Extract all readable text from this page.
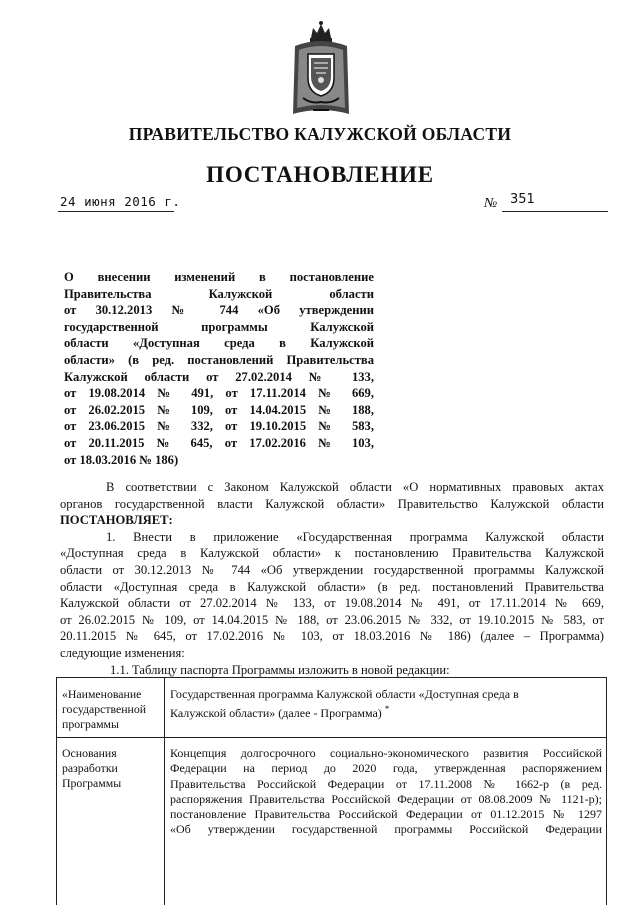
ПРАВИТЕЛЬСТВО КАЛУЖСКОЙ ОБЛАСТИ
ПОСТАНОВЛЕНИЕ
24 июня 2016 г.	№ 351
О внесении изменений в постановление
Правительства Калужской области
от 30.12.2013 № 744 «Об утверждении
государственной программы Калужской
области «Доступная среда в Калужской
области» (в ред. постановлений Правительства
Калужской области от 27.02.2014 № 133,
от 19.08.2014 № 491, от 17.11.2014 № 669,
от 26.02.2015 № 109, от 14.04.2015 № 188,
от 23.06.2015 № 332, от 19.10.2015 № 583,
от 20.11.2015 № 645, от 17.02.2016 № 103,
от 18.03.2016 № 186)
В соответствии с Законом Калужской области «О нормативных правовых актах
органов государственной власти Калужской области» Правительство Калужской области
ПОСТАНОВЛЯЕТ:
1. Внести в приложение «Государственная программа Калужской области
«Доступная среда в Калужской области» к постановлению Правительства Калужской
области от 30.12.2013 № 744 «Об утверждении государственной программы Калужской
области «Доступная среда в Калужской области» (в ред. постановлений Правительства
Калужской области от 27.02.2014 № 133, от 19.08.2014 № 491, от 17.11.2014 № 669,
от 26.02.2015 № 109, от 14.04.2015 № 188, от 23.06.2015 № 332, от 19.10.2015 № 583, от
20.11.2015 № 645, от 17.02.2016 № 103, от 18.03.2016 № 186) (далее – Программа)
следующие изменения:
1.1. Таблицу паспорта Программы изложить в новой редакции:
«Наименование
государственной
программы
Государственная программа Калужской области «Доступная среда в
Калужской области» (далее - Программа) *
Основания
разработки
Программы
Концепция долгосрочного социально-экономического развития Российской
Федерации на период до 2020 года, утвержденная распоряжением
Правительства Российской Федерации от 17.11.2008 № 1662-р (в ред.
распоряжения Правительства Российской Федерации от 08.08.2009 № 1121-р);
постановление Правительства Российской Федерации от 01.12.2015 № 1297
«Об утверждении государственной программы Российской Федерации
